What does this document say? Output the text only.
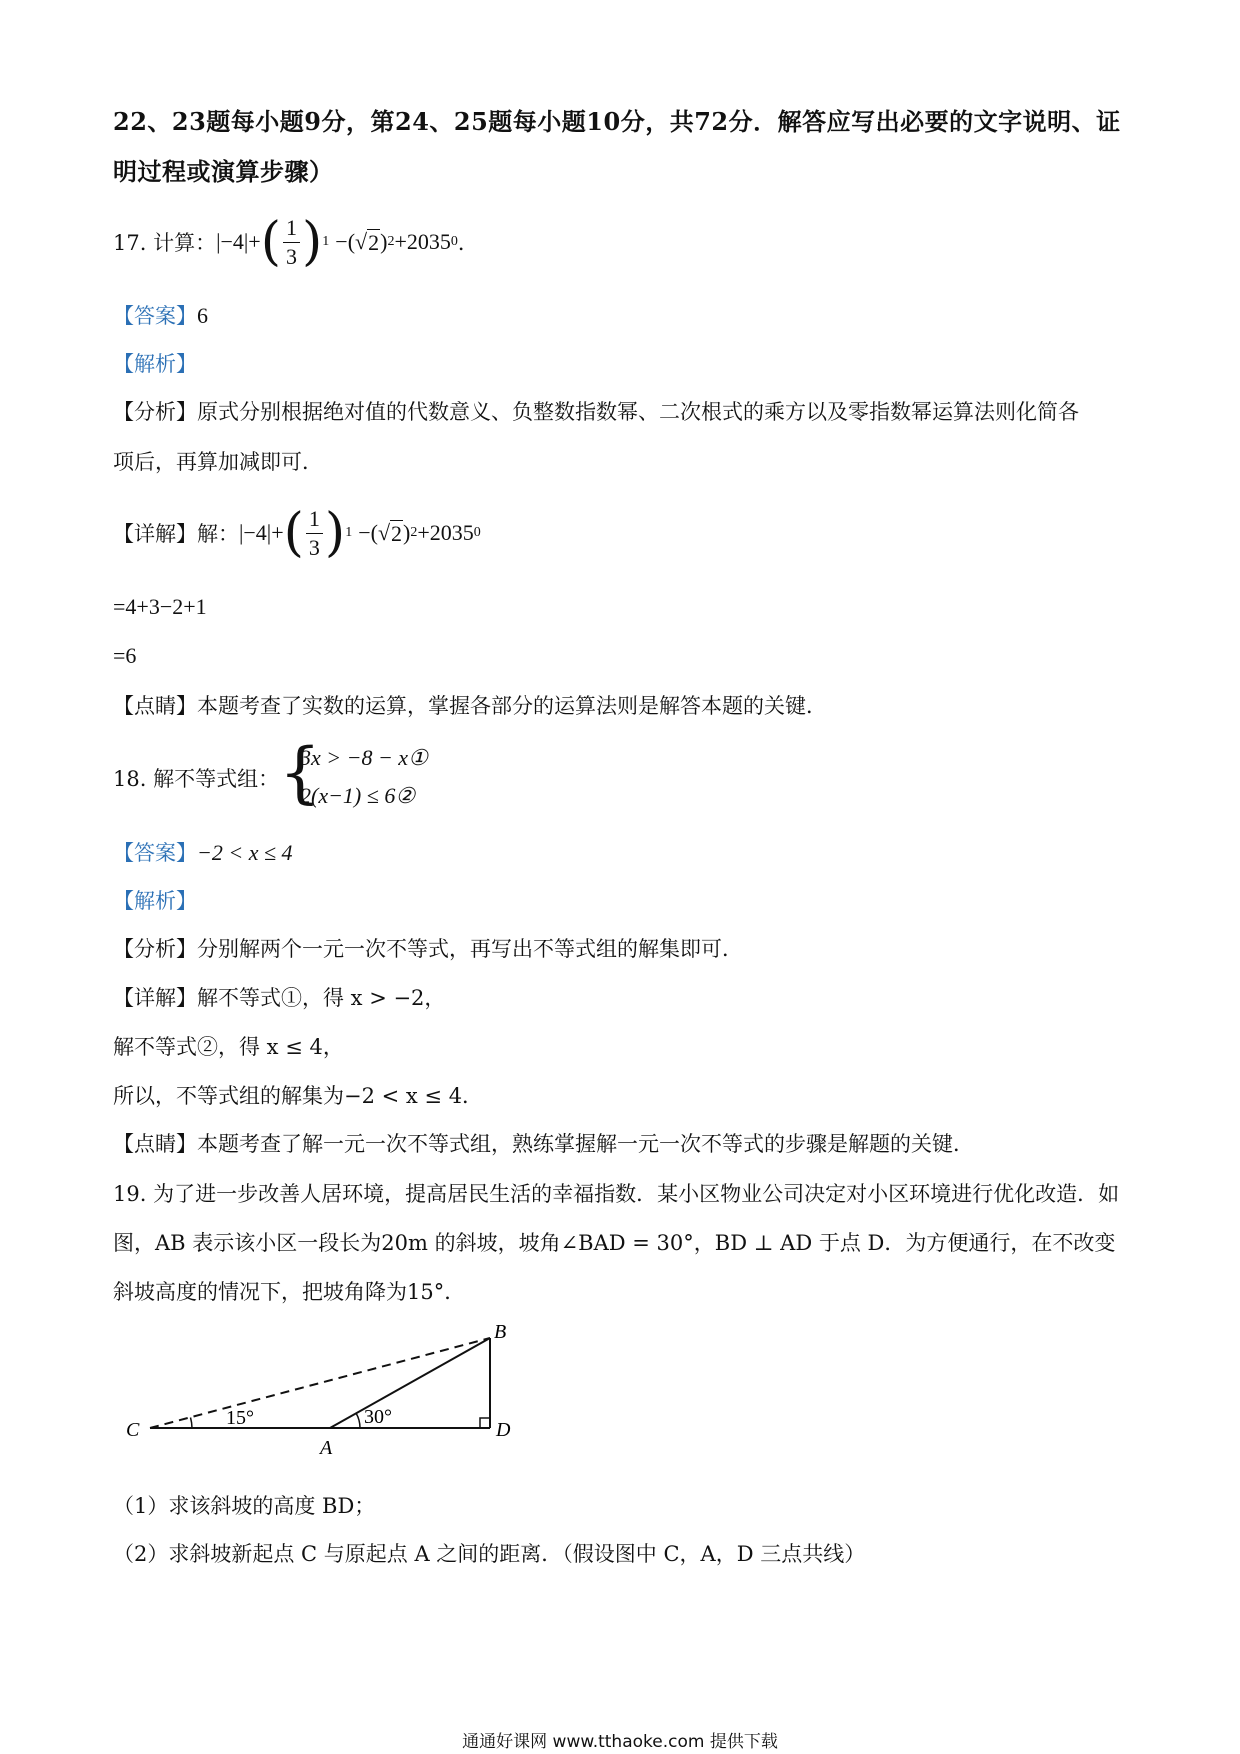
22、23题每小题9分，第24、25题每小题10分，共72分．解答应写出必要的文字说明、证
明过程或演算步骤）
17. 计算： |−4|+ ( $\frac{1}{3}$ ) 1 −(√ 2 ) 2 +2035 0 ．
【答案】6
【解析】
【分析】原式分别根据绝对值的代数意义、负整数指数幂、二次根式的乘方以及零指数幂运算法则化简各
项后，再算加减即可．
【详解】 解： |−4|+ ( $\frac{1}{3}$ ) 1 −(√ 2 ) 2 +2035 0
=4+3−2+1
=6
【点睛】本题考查了实数的运算，掌握各部分的运算法则是解答本题的关键．
18. 解不等式组： {
3x > −8 − x①
2(x−1) ≤ 6②
【答案】−2 < x ≤ 4
【解析】
【分析】分别解两个一元一次不等式，再写出不等式组的解集即可．
【详解】解不等式①，得 x > −2，
解不等式②，得 x ≤ 4，
所以，不等式组的解集为−2 < x ≤ 4．
【点睛】本题考查了解一元一次不等式组，熟练掌握解一元一次不等式的步骤是解题的关键．
19. 为了进一步改善人居环境，提高居民生活的幸福指数．某小区物业公司决定对小区环境进行优化改造．如
图，AB 表示该小区一段长为20m 的斜坡，坡角∠BAD = 30°，BD ⊥ AD 于点 D．为方便通行，在不改变
斜坡高度的情况下，把坡角降为15°．
B
C
A
D
15°	30°
（1）求该斜坡的高度 BD；
（2）求斜坡新起点 C 与原起点 A 之间的距离．（假设图中 C，A，D 三点共线）
通通好课网 www.tthaoke.com 提供下载
